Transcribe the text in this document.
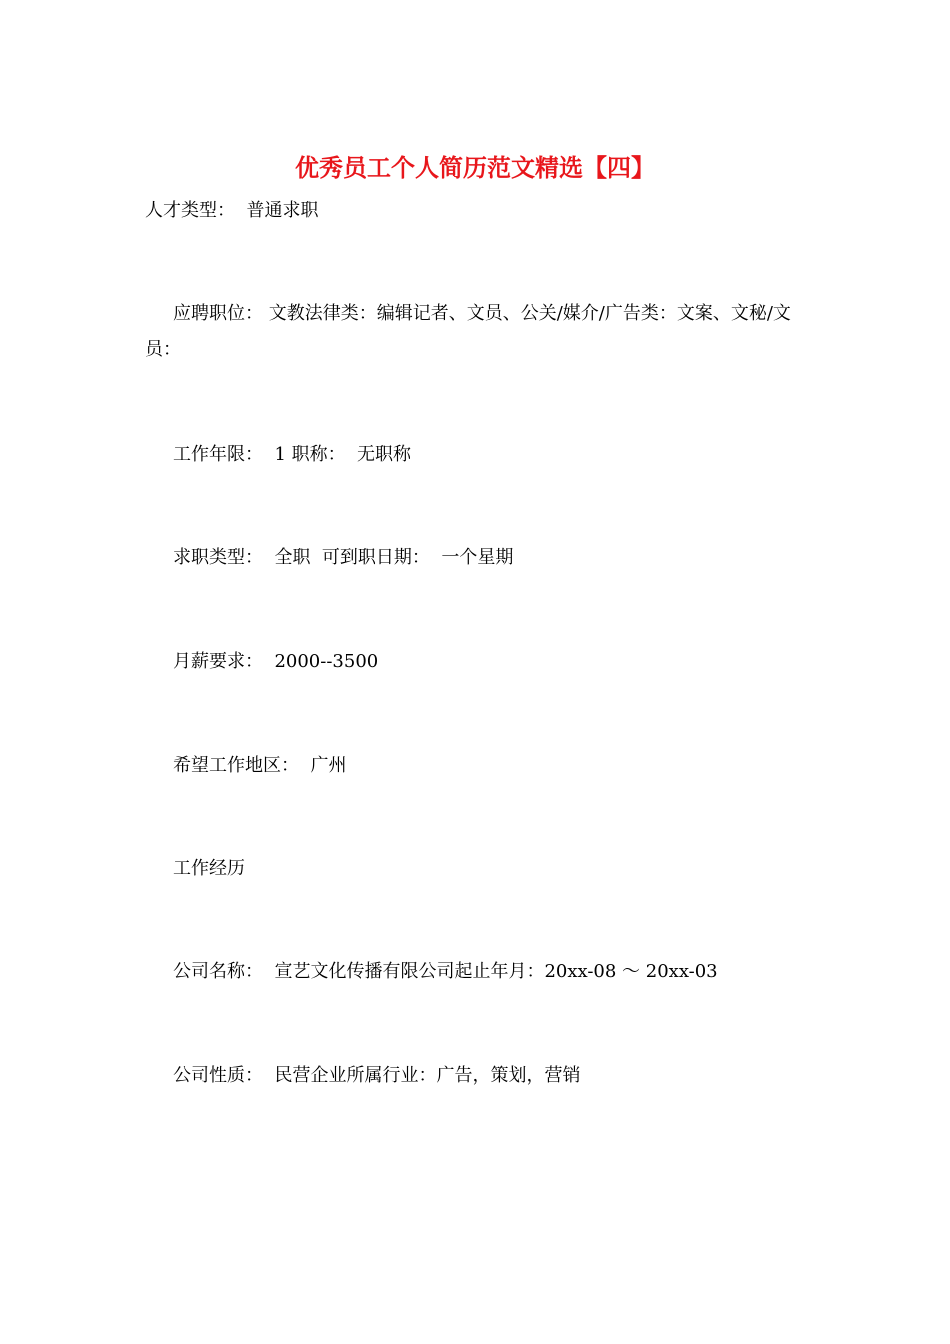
优秀员工个人简历范文精选【四】

人才类型：  普通求职

应聘职位： 文教法律类：编辑记者、文员、公关/媒介/广告类：文案、文秘/文员：

工作年限：  1 职称：  无职称

求职类型：  全职  可到职日期：  一个星期

月薪要求：  2000--3500

希望工作地区：  广州

工作经历

公司名称：  宣艺文化传播有限公司起止年月：20xx-08 ～ 20xx-03

公司性质：  民营企业所属行业：广告，策划，营销
